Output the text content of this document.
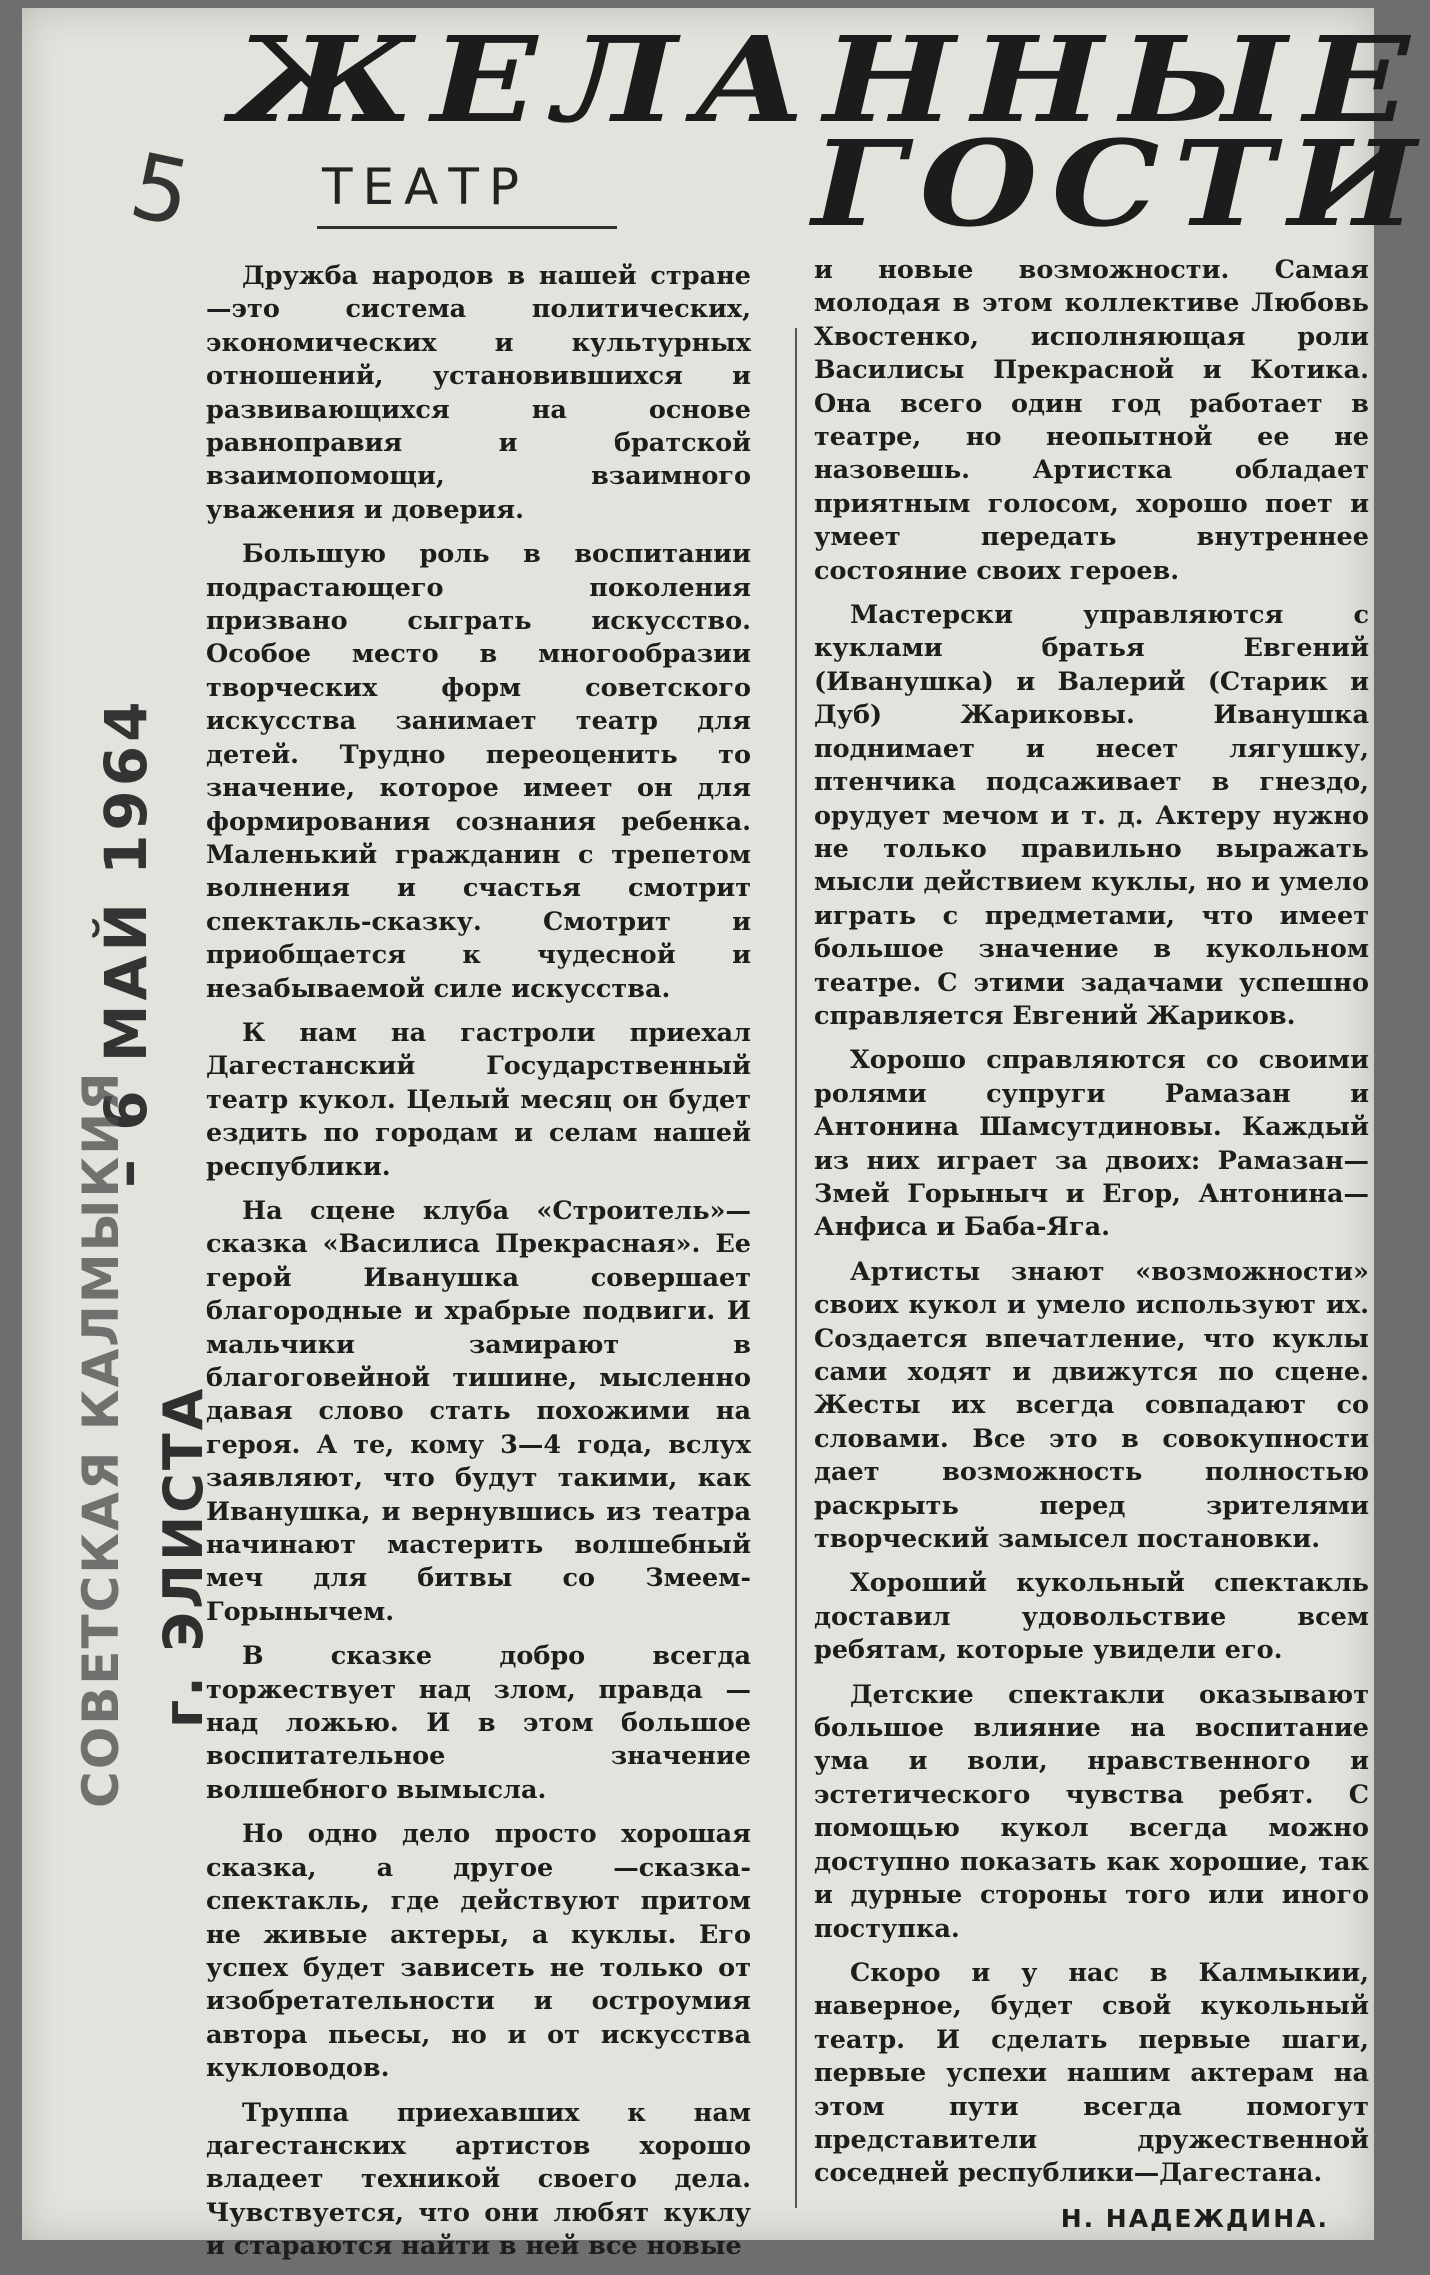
5
– 6 МАЙ 1964
СОВЕТСКАЯ КАЛМЫКИЯ г. ЭЛИСТА
ЖЕЛАННЫЕ
ГОСТИ
ТЕАТР

Дружба народов в нашей стране—это система политических, экономических и культурных отношений, установившихся и развивающихся на основе равноправия и братской взаимопомощи, взаимного уважения и доверия.

Большую роль в воспитании подрастающего поколения призвано сыграть искусство. Особое место в многообразии творческих форм советского искусства занимает театр для детей. Трудно переоценить то значение, которое имеет он для формирования сознания ребенка. Маленький гражданин с трепетом волнения и счастья смотрит спектакль-сказку. Смотрит и приобщается к чудесной и незабываемой силе искусства.

К нам на гастроли приехал Дагестанский Государственный театр кукол. Целый месяц он будет ездить по городам и селам нашей республики.

На сцене клуба «Строитель»—сказка «Василиса Прекрасная». Ее герой Иванушка совершает благородные и храбрые подвиги. И мальчики замирают в благоговейной тишине, мысленно давая слово стать похожими на героя. А те, кому 3—4 года, вслух заявляют, что будут такими, как Иванушка, и вернувшись из театра начинают мастерить волшебный меч для битвы со Змеем-Горынычем.

В сказке добро всегда торжествует над злом, правда — над ложью. И в этом большое воспитательное значение волшебного вымысла.

Но одно дело просто хорошая сказка, а другое —сказка-спектакль, где действуют притом не живые актеры, а куклы. Его успех будет зависеть не только от изобретательности и остроумия автора пьесы, но и от искусства кукловодов.

Труппа приехавших к нам дагестанских артистов хорошо владеет техникой своего дела. Чувствуется, что они любят куклу и стараются найти в ней все новые

и новые возможности. Самая молодая в этом коллективе Любовь Хвостенко, исполняющая роли Василисы Прекрасной и Котика. Она всего один год работает в театре, но неопытной ее не назовешь. Артистка обладает приятным голосом, хорошо поет и умеет передать внутреннее состояние своих героев.

Мастерски управляются с куклами братья Евгений (Иванушка) и Валерий (Старик и Дуб) Жариковы. Иванушка поднимает и несет лягушку, птенчика подсаживает в гнездо, орудует мечом и т. д. Актеру нужно не только правильно выражать мысли действием куклы, но и умело играть с предметами, что имеет большое значение в кукольном театре. С этими задачами успешно справляется Евгений Жариков.

Хорошо справляются со своими ролями супруги Рамазан и Антонина Шамсутдиновы. Каждый из них играет за двоих: Рамазан—Змей Горыныч и Егор, Антонина—Анфиса и Баба-Яга.

Артисты знают «возможности» своих кукол и умело используют их. Создается впечатление, что куклы сами ходят и движутся по сцене. Жесты их всегда совпадают со словами. Все это в совокупности дает возможность полностью раскрыть перед зрителями творческий замысел постановки.

Хороший кукольный спектакль доставил удовольствие всем ребятам, которые увидели его.

Детские спектакли оказывают большое влияние на воспитание ума и воли, нравственного и эстетического чувства ребят. С помощью кукол всегда можно доступно показать как хорошие, так и дурные стороны того или иного поступка.

Скоро и у нас в Калмыкии, наверное, будет свой кукольный театр. И сделать первые шаги, первые успехи нашим актерам на этом пути всегда помогут представители дружественной соседней республики—Дагестана.

Н. НАДЕЖДИНА.
